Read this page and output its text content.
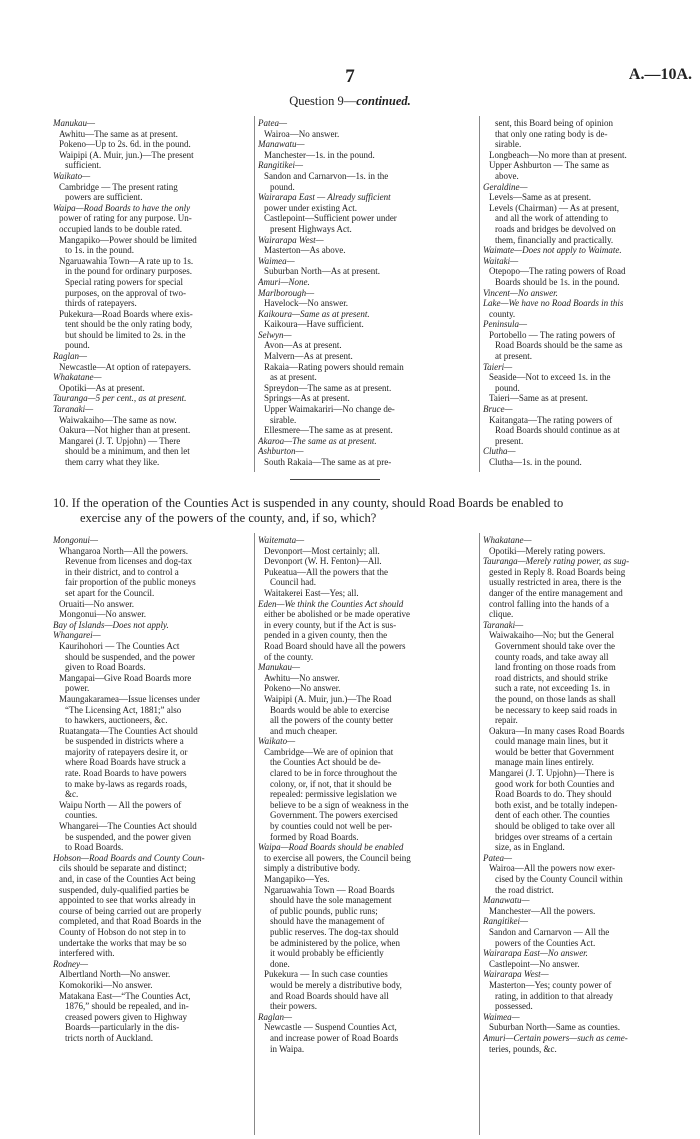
7	A.—10A.
Question 9—continued.
Manukau—
Awhitu—The same as at present.
Pokeno—Up to 2s. 6d. in the pound.
Waipipi (A. Muir, jun.)—The present
sufficient.
Waikato—
Cambridge — The present rating
powers are sufficient.
Waipa—Road Boards to have the only
power of rating for any purpose. Un-
occupied lands to be double rated.
Mangapiko—Power should be limited
to 1s. in the pound.
Ngaruawahia Town—A rate up to 1s.
in the pound for ordinary purposes.
Special rating powers for special
purposes, on the approval of two-
thirds of ratepayers.
Pukekura—Road Boards where exis-
tent should be the only rating body,
but should be limited to 2s. in the
pound.
Raglan—
Newcastle—At option of ratepayers.
Whakatane—
Opotiki—As at present.
Tauranga—5 per cent., as at present.
Taranaki—
Waiwakaiho—The same as now.
Oakura—Not higher than at present.
Mangarei (J. T. Upjohn) — There
should be a minimum, and then let
them carry what they like.
Patea—
Wairoa—No answer.
Manawatu—
Manchester—1s. in the pound.
Rangitikei—
Sandon and Carnarvon—1s. in the
pound.
Wairarapa East — Already sufficient
power under existing Act.
Castlepoint—Sufficient power under
present Highways Act.
Wairarapa West—
Masterton—As above.
Waimea—
Suburban North—As at present.
Amuri—None.
Marlborough—
Havelock—No answer.
Kaikoura—Same as at present.
Kaikoura—Have sufficient.
Selwyn—
Avon—As at present.
Malvern—As at present.
Rakaia—Rating powers should remain
as at present.
Spreydon—The same as at present.
Springs—As at present.
Upper Waimakariri—No change de-
sirable.
Ellesmere—The same as at present.
Akaroa—The same as at present.
Ashburton—
South Rakaia—The same as at pre-
sent, this Board being of opinion
that only one rating body is de-
sirable.
Longbeach—No more than at present.
Upper Ashburton — The same as
above.
Geraldine—
Levels—Same as at present.
Levels (Chairman) — As at present,
and all the work of attending to
roads and bridges be devolved on
them, financially and practically.
Waimate—Does not apply to Waimate.
Waitaki—
Otepopo—The rating powers of Road
Boards should be 1s. in the pound.
Vincent—No answer.
Lake—We have no Road Boards in this
county.
Peninsula—
Portobello — The rating powers of
Road Boards should be the same as
at present.
Taieri—
Seaside—Not to exceed 1s. in the
pound.
Taieri—Same as at present.
Bruce—
Kaitangata—The rating powers of
Road Boards should continue as at
present.
Clutha—
Clutha—1s. in the pound.
10. If the operation of the Counties Act is suspended in any county, should Road Boards be enabled to
exercise any of the powers of the county, and, if so, which?
Mongonui—
Whangaroa North—All the powers.
Revenue from licenses and dog-tax
in their district, and to control a
fair proportion of the public moneys
set apart for the Council.
Oruaiti—No answer.
Mongonui—No answer.
Bay of Islands—Does not apply.
Whangarei—
Kaurihohori — The Counties Act
should be suspended, and the power
given to Road Boards.
Mangapai—Give Road Boards more
power.
Maungakaramea—Issue licenses under
“The Licensing Act, 1881;” also
to hawkers, auctioneers, &c.
Ruatangata—The Counties Act should
be suspended in districts where a
majority of ratepayers desire it, or
where Road Boards have struck a
rate. Road Boards to have powers
to make by-laws as regards roads,
&c.
Waipu North — All the powers of
counties.
Whangarei—The Counties Act should
be suspended, and the power given
to Road Boards.
Hobson—Road Boards and County Coun-
cils should be separate and distinct;
and, in case of the Counties Act being
suspended, duly-qualified parties be
appointed to see that works already in
course of being carried out are properly
completed, and that Road Boards in the
County of Hobson do not step in to
undertake the works that may be so
interfered with.
Rodney—
Albertland North—No answer.
Komokoriki—No answer.
Matakana East—“The Counties Act,
1876,” should be repealed, and in-
creased powers given to Highway
Boards—particularly in the dis-
tricts north of Auckland.
Waitemata—
Devonport—Most certainly; all.
Devonport (W. H. Fenton)—All.
Pukeatua—All the powers that the
Council had.
Waitakerei East—Yes; all.
Eden—We think the Counties Act should
either be abolished or be made operative
in every county, but if the Act is sus-
pended in a given county, then the
Road Board should have all the powers
of the county.
Manukau—
Awhitu—No answer.
Pokeno—No answer.
Waipipi (A. Muir, jun.)—The Road
Boards would be able to exercise
all the powers of the county better
and much cheaper.
Waikato—
Cambridge—We are of opinion that
the Counties Act should be de-
clared to be in force throughout the
colony, or, if not, that it should be
repealed: permissive legislation we
believe to be a sign of weakness in the
Government. The powers exercised
by counties could not well be per-
formed by Road Boards.
Waipa—Road Boards should be enabled
to exercise all powers, the Council being
simply a distributive body.
Mangapiko—Yes.
Ngaruawahia Town — Road Boards
should have the sole management
of public pounds, public runs;
should have the management of
public reserves. The dog-tax should
be administered by the police, when
it would probably be efficiently
done.
Pukekura — In such case counties
would be merely a distributive body,
and Road Boards should have all
their powers.
Raglan—
Newcastle — Suspend Counties Act,
and increase power of Road Boards
in Waipa.
Whakatane—
Opotiki—Merely rating powers.
Tauranga—Merely rating power, as sug-
gested in Reply 8. Road Boards being
usually restricted in area, there is the
danger of the entire management and
control falling into the hands of a
clique.
Taranaki—
Waiwakaiho—No; but the General
Government should take over the
county roads, and take away all
land fronting on those roads from
road districts, and should strike
such a rate, not exceeding 1s. in
the pound, on those lands as shall
be necessary to keep said roads in
repair.
Oakura—In many cases Road Boards
could manage main lines, but it
would be better that Government
manage main lines entirely.
Mangarei (J. T. Upjohn)—There is
good work for both Counties and
Road Boards to do. They should
both exist, and be totally indepen-
dent of each other. The counties
should be obliged to take over all
bridges over streams of a certain
size, as in England.
Patea—
Wairoa—All the powers now exer-
cised by the County Council within
the road district.
Manawatu—
Manchester—All the powers.
Rangitikei—
Sandon and Carnarvon — All the
powers of the Counties Act.
Wairarapa East—No answer.
Castlepoint—No answer.
Wairarapa West—
Masterton—Yes; county power of
rating, in addition to that already
possessed.
Waimea—
Suburban North—Same as counties.
Amuri—Certain powers—such as ceme-
teries, pounds, &c.
